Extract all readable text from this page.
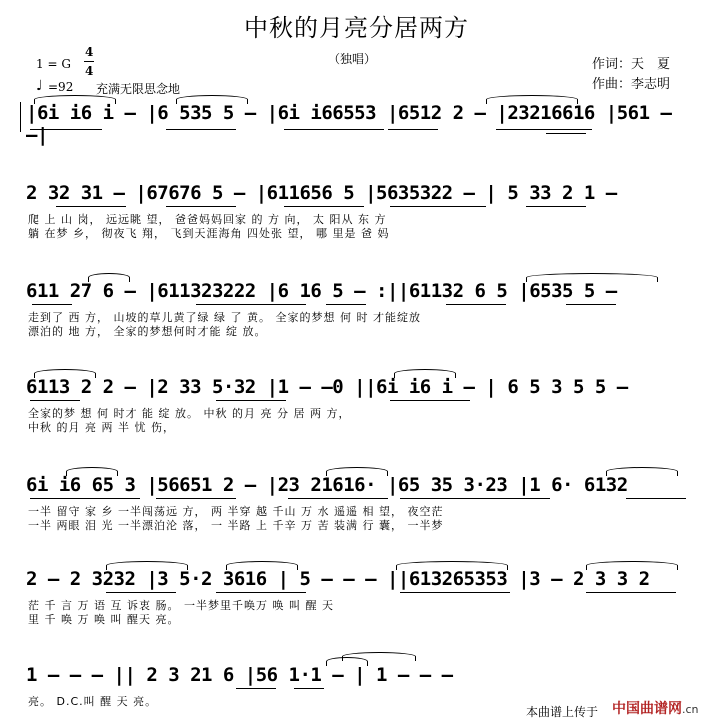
中秋的月亮分居两方
（独唱）
1 = G
4
4
♩ =92 充满无限思念地
作词：天　夏
作曲：李志明
|6i i6 i – |6 535 5 – |6i i66553 |6512 2 – |23216616 |561 – –|
2 32 31 – |67676 5 – |611656 5 |5635322 – | 5 33 2 1 –
爬 上 山 岗， 远远眺 望， 爸爸妈妈回家 的 方 向， 太 阳从 东 方
躺 在梦 乡， 彻夜飞 翔， 飞到天涯海角 四处张 望， 哪 里是 爸 妈
611 27 6 – |611323222 |6 16 5 – :||61132 6 5 |6535 5 –
走到了 西 方， 山坡的草儿黄了绿 绿 了 黄。 全家的梦想 何 时 才能绽放
漂泊的 地 方， 全家的梦想何时才能 绽 放。
6113 2 2 – |2 33 5·32 |1 – –0 ||6i i6 i – | 6 5 3 5 5 –
全家的梦 想 何 时才 能 绽 放。 中秋 的月 亮 分 居 两 方，
中秋 的月 亮 两 半 忧 伤，
6i i6 65 3 |56651 2 – |23 21616· |65 35 3·23 |1 6· 6132
一半 留守 家 乡 一半闯荡远 方， 两 半穿 越 千山 万 水 遥遥 相 望， 夜空茫
一半 两眼 泪 光 一半漂泊沦 落， 一 半路 上 千辛 万 苦 装满 行 囊， 一半梦
2 – 2 3232 |3 5·2 3616 | 5 – – – ||613265353 |3 – 2 3 3 2
茫 千 言 万 语 互 诉衷 肠。 一半梦里千唤万 唤 叫 醒 天
里 千 唤 万 唤 叫 醒天 亮。
1 – – – || 2 3 21 6 |56 1·1 – | 1 – – –
亮。 D.C.叫 醒 天 亮。
本曲谱上传于 中国曲谱网.cn
